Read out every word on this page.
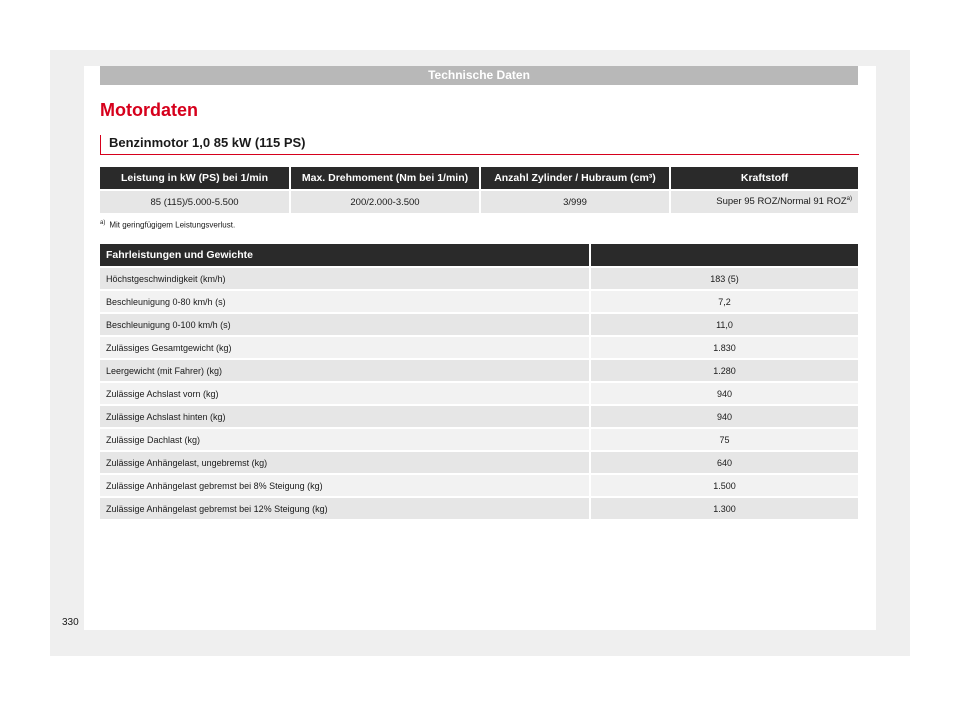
Technische Daten
Motordaten
Benzinmotor 1,0 85 kW (115 PS)
Leistung in kW (PS) bei 1/min	Max. Drehmoment (Nm bei 1/min)	Anzahl Zylinder / Hubraum (cm³)	Kraftstoff
85 (115)/5.000-5.500	200/2.000-3.500	3/999	Super 95 ROZ/Normal 91 ROZ$^{a)}$
$^{a)}$ Mit geringfügigem Leistungsverlust.
Fahrleistungen und Gewichte	
Höchstgeschwindigkeit (km/h)	183 (5)
Beschleunigung 0-80 km/h (s)	7,2
Beschleunigung 0-100 km/h (s)	11,0
Zulässiges Gesamtgewicht (kg)	1.830
Leergewicht (mit Fahrer) (kg)	1.280
Zulässige Achslast vorn (kg)	940
Zulässige Achslast hinten (kg)	940
Zulässige Dachlast (kg)	75
Zulässige Anhängelast, ungebremst (kg)	640
Zulässige Anhängelast gebremst bei 8% Steigung (kg)	1.500
Zulässige Anhängelast gebremst bei 12% Steigung (kg)	1.300
330
